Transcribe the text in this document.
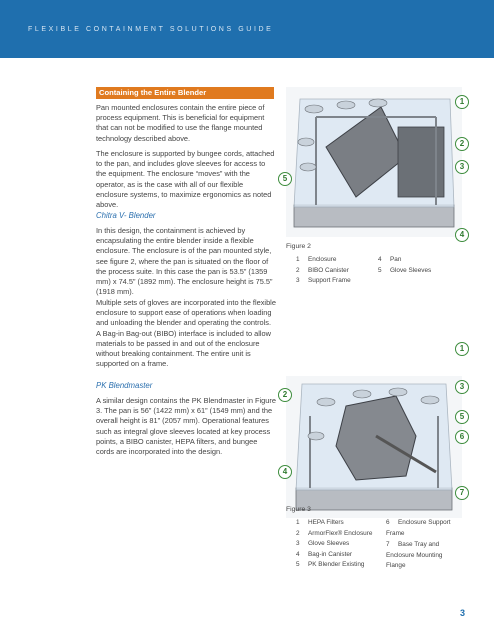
FLEXIBLE CONTAINMENT SOLUTIONS GUIDE
Containing the Entire Blender
Pan mounted enclosures contain the entire piece of process equipment. This is beneficial for equipment that can not be modified to use the flange mounted technology described above.
The enclosure is supported by bungee cords, attached to the pan, and includes glove sleeves for access to the equipment. The enclosure “moves” with the operator, as is the case with all of our flexible enclosure systems, to maximize ergonomics as noted above.
Chitra V- Blender
In this design, the containment is achieved by encapsulating the entire blender inside a flexible enclosure. The enclosure is of the pan mounted style, see figure 2, where the pan is situated on the floor of the process suite. In this case the pan is 53.5” (1359 mm) x 74.5” (1892 mm). The enclosure height is 75.5” (1918 mm).
Multiple sets of gloves are incorporated into the flexible enclosure to support ease of operations when loading and unloading the blender and operating the controls. A Bag-in Bag-out (BIBO) interface is included to allow materials to be passed in and out of the enclosure without breaking containment. The entire unit is supported on a frame.
PK Blendmaster
A similar design contains the PK Blendmaster in Figure 3. The pan is 56” (1422 mm) x 61” (1549 mm) and the overall height is 81” (2057 mm). Operational features such as integral glove sleeves located at key process points, a BIBO canister, HEPA filters, and bungee cords are incorporated into the design.
1
2
3
4
5
Figure 2
1 Enclosure
2 BIBO Canister
3 Support Frame
4 Pan
5 Glove Sleeves
1
2
3
4
5
6
7
Figure 3
1 HEPA Filters
2 ArmorFlex® Enclosure
3 Glove Sleeves
4 Bag-in Canister
5 PK Blender Existing
6 Enclosure Support Frame
7 Base Tray and Enclosure Mounting Flange
3
